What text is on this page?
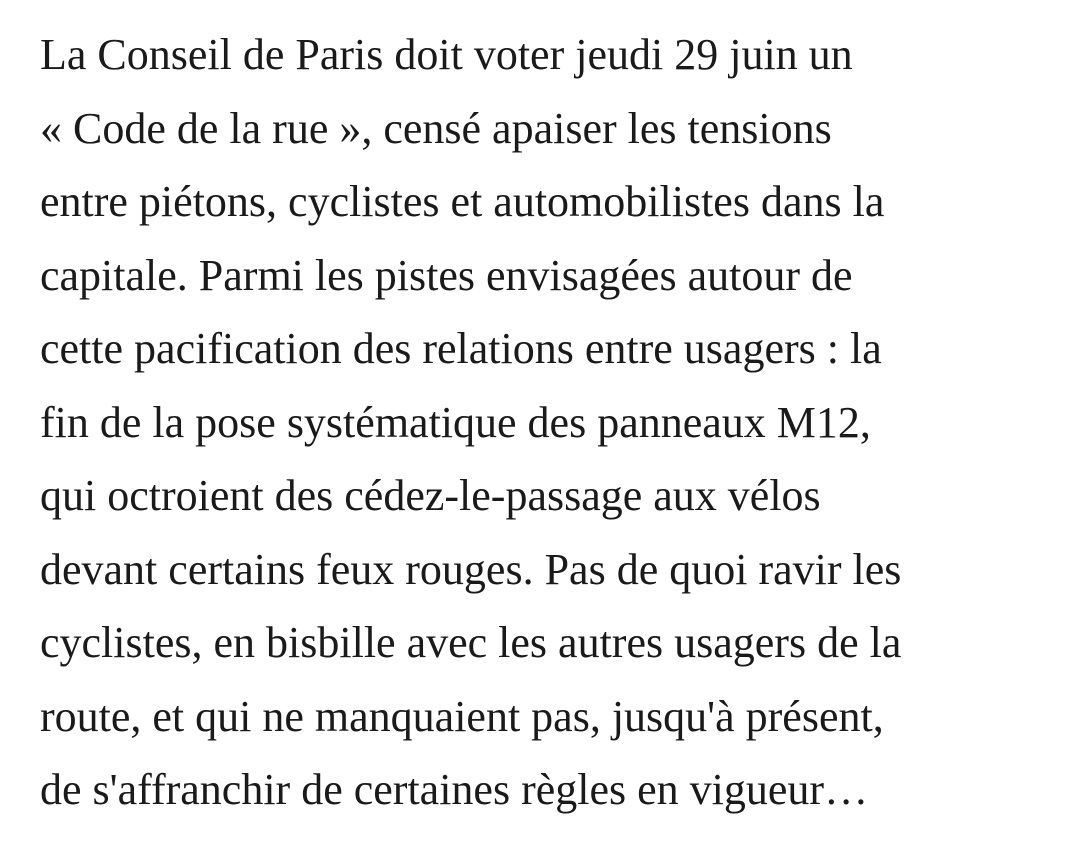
La Conseil de Paris doit voter jeudi 29 juin un
« Code de la rue », censé apaiser les tensions
entre piétons, cyclistes et automobilistes dans la
capitale. Parmi les pistes envisagées autour de
cette pacification des relations entre usagers : la
fin de la pose systématique des panneaux M12,
qui octroient des cédez-le-passage aux vélos
devant certains feux rouges. Pas de quoi ravir les
cyclistes, en bisbille avec les autres usagers de la
route, et qui ne manquaient pas, jusqu'à présent,
de s'affranchir de certaines règles en vigueur…
